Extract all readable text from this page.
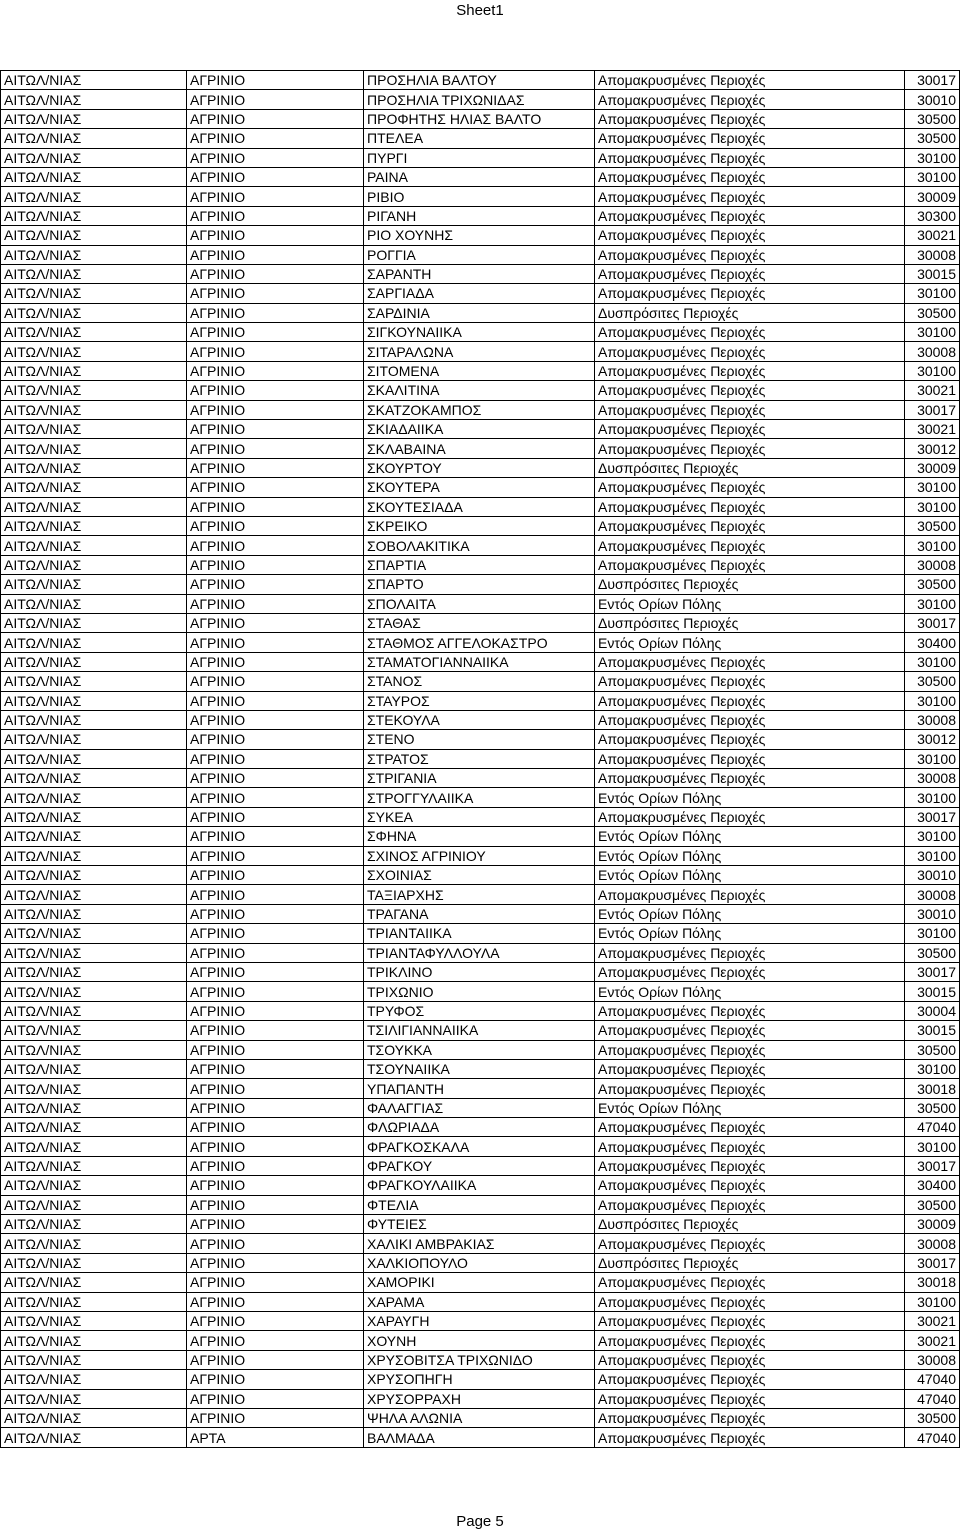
Sheet1
ΑΙΤΩΛ/ΝΙΑΣ	ΑΓΡΙΝΙΟ	ΠΡΟΣΗΛΙΑ ΒΑΛΤΟΥ	Απομακρυσμένες Περιοχές	30017
ΑΙΤΩΛ/ΝΙΑΣ	ΑΓΡΙΝΙΟ	ΠΡΟΣΗΛΙΑ ΤΡΙΧΩΝΙΔΑΣ	Απομακρυσμένες Περιοχές	30010
ΑΙΤΩΛ/ΝΙΑΣ	ΑΓΡΙΝΙΟ	ΠΡΟΦΗΤΗΣ ΗΛΙΑΣ ΒΑΛΤΟ	Απομακρυσμένες Περιοχές	30500
ΑΙΤΩΛ/ΝΙΑΣ	ΑΓΡΙΝΙΟ	ΠΤΕΛΕΑ	Απομακρυσμένες Περιοχές	30500
ΑΙΤΩΛ/ΝΙΑΣ	ΑΓΡΙΝΙΟ	ΠΥΡΓΙ	Απομακρυσμένες Περιοχές	30100
ΑΙΤΩΛ/ΝΙΑΣ	ΑΓΡΙΝΙΟ	ΡΑΙΝΑ	Απομακρυσμένες Περιοχές	30100
ΑΙΤΩΛ/ΝΙΑΣ	ΑΓΡΙΝΙΟ	ΡΙΒΙΟ	Απομακρυσμένες Περιοχές	30009
ΑΙΤΩΛ/ΝΙΑΣ	ΑΓΡΙΝΙΟ	ΡΙΓΑΝΗ	Απομακρυσμένες Περιοχές	30300
ΑΙΤΩΛ/ΝΙΑΣ	ΑΓΡΙΝΙΟ	ΡΙΟ ΧΟΥΝΗΣ	Απομακρυσμένες Περιοχές	30021
ΑΙΤΩΛ/ΝΙΑΣ	ΑΓΡΙΝΙΟ	ΡΟΓΓΙΑ	Απομακρυσμένες Περιοχές	30008
ΑΙΤΩΛ/ΝΙΑΣ	ΑΓΡΙΝΙΟ	ΣΑΡΑΝΤΗ	Απομακρυσμένες Περιοχές	30015
ΑΙΤΩΛ/ΝΙΑΣ	ΑΓΡΙΝΙΟ	ΣΑΡΓΙΑΔΑ	Απομακρυσμένες Περιοχές	30100
ΑΙΤΩΛ/ΝΙΑΣ	ΑΓΡΙΝΙΟ	ΣΑΡΔΙΝΙΑ	Δυσπρόσιτες Περιοχές	30500
ΑΙΤΩΛ/ΝΙΑΣ	ΑΓΡΙΝΙΟ	ΣΙΓΚΟΥΝΑΙΙΚΑ	Απομακρυσμένες Περιοχές	30100
ΑΙΤΩΛ/ΝΙΑΣ	ΑΓΡΙΝΙΟ	ΣΙΤΑΡΑΛΩΝΑ	Απομακρυσμένες Περιοχές	30008
ΑΙΤΩΛ/ΝΙΑΣ	ΑΓΡΙΝΙΟ	ΣΙΤΟΜΕΝΑ	Απομακρυσμένες Περιοχές	30100
ΑΙΤΩΛ/ΝΙΑΣ	ΑΓΡΙΝΙΟ	ΣΚΑΛΙΤΙΝΑ	Απομακρυσμένες Περιοχές	30021
ΑΙΤΩΛ/ΝΙΑΣ	ΑΓΡΙΝΙΟ	ΣΚΑΤΖΟΚΑΜΠΟΣ	Απομακρυσμένες Περιοχές	30017
ΑΙΤΩΛ/ΝΙΑΣ	ΑΓΡΙΝΙΟ	ΣΚΙΑΔΑΙΙΚΑ	Απομακρυσμένες Περιοχές	30021
ΑΙΤΩΛ/ΝΙΑΣ	ΑΓΡΙΝΙΟ	ΣΚΛΑΒΑΙΝΑ	Απομακρυσμένες Περιοχές	30012
ΑΙΤΩΛ/ΝΙΑΣ	ΑΓΡΙΝΙΟ	ΣΚΟΥΡΤΟΥ	Δυσπρόσιτες Περιοχές	30009
ΑΙΤΩΛ/ΝΙΑΣ	ΑΓΡΙΝΙΟ	ΣΚΟΥΤΕΡΑ	Απομακρυσμένες Περιοχές	30100
ΑΙΤΩΛ/ΝΙΑΣ	ΑΓΡΙΝΙΟ	ΣΚΟΥΤΕΣΙΑΔΑ	Απομακρυσμένες Περιοχές	30100
ΑΙΤΩΛ/ΝΙΑΣ	ΑΓΡΙΝΙΟ	ΣΚΡΕΙΚΟ	Απομακρυσμένες Περιοχές	30500
ΑΙΤΩΛ/ΝΙΑΣ	ΑΓΡΙΝΙΟ	ΣΟΒΟΛΑΚΙΤΙΚΑ	Απομακρυσμένες Περιοχές	30100
ΑΙΤΩΛ/ΝΙΑΣ	ΑΓΡΙΝΙΟ	ΣΠΑΡΤΙΑ	Απομακρυσμένες Περιοχές	30008
ΑΙΤΩΛ/ΝΙΑΣ	ΑΓΡΙΝΙΟ	ΣΠΑΡΤΟ	Δυσπρόσιτες Περιοχές	30500
ΑΙΤΩΛ/ΝΙΑΣ	ΑΓΡΙΝΙΟ	ΣΠΟΛΑΙΤΑ	Εντός Ορίων Πόλης	30100
ΑΙΤΩΛ/ΝΙΑΣ	ΑΓΡΙΝΙΟ	ΣΤΑΘΑΣ	Δυσπρόσιτες Περιοχές	30017
ΑΙΤΩΛ/ΝΙΑΣ	ΑΓΡΙΝΙΟ	ΣΤΑΘΜΟΣ ΑΓΓΕΛΟΚΑΣΤΡΟ	Εντός Ορίων Πόλης	30400
ΑΙΤΩΛ/ΝΙΑΣ	ΑΓΡΙΝΙΟ	ΣΤΑΜΑΤΟΓΙΑΝΝΑΙΙΚΑ	Απομακρυσμένες Περιοχές	30100
ΑΙΤΩΛ/ΝΙΑΣ	ΑΓΡΙΝΙΟ	ΣΤΑΝΟΣ	Απομακρυσμένες Περιοχές	30500
ΑΙΤΩΛ/ΝΙΑΣ	ΑΓΡΙΝΙΟ	ΣΤΑΥΡΟΣ	Απομακρυσμένες Περιοχές	30100
ΑΙΤΩΛ/ΝΙΑΣ	ΑΓΡΙΝΙΟ	ΣΤΕΚΟΥΛΑ	Απομακρυσμένες Περιοχές	30008
ΑΙΤΩΛ/ΝΙΑΣ	ΑΓΡΙΝΙΟ	ΣΤΕΝΟ	Απομακρυσμένες Περιοχές	30012
ΑΙΤΩΛ/ΝΙΑΣ	ΑΓΡΙΝΙΟ	ΣΤΡΑΤΟΣ	Απομακρυσμένες Περιοχές	30100
ΑΙΤΩΛ/ΝΙΑΣ	ΑΓΡΙΝΙΟ	ΣΤΡΙΓΑΝΙΑ	Απομακρυσμένες Περιοχές	30008
ΑΙΤΩΛ/ΝΙΑΣ	ΑΓΡΙΝΙΟ	ΣΤΡΟΓΓΥΛΑΙΙΚΑ	Εντός Ορίων Πόλης	30100
ΑΙΤΩΛ/ΝΙΑΣ	ΑΓΡΙΝΙΟ	ΣΥΚΕΑ	Απομακρυσμένες Περιοχές	30017
ΑΙΤΩΛ/ΝΙΑΣ	ΑΓΡΙΝΙΟ	ΣΦΗΝΑ	Εντός Ορίων Πόλης	30100
ΑΙΤΩΛ/ΝΙΑΣ	ΑΓΡΙΝΙΟ	ΣΧΙΝΟΣ ΑΓΡΙΝΙΟΥ	Εντός Ορίων Πόλης	30100
ΑΙΤΩΛ/ΝΙΑΣ	ΑΓΡΙΝΙΟ	ΣΧΟΙΝΙΑΣ	Εντός Ορίων Πόλης	30010
ΑΙΤΩΛ/ΝΙΑΣ	ΑΓΡΙΝΙΟ	ΤΑΞΙΑΡΧΗΣ	Απομακρυσμένες Περιοχές	30008
ΑΙΤΩΛ/ΝΙΑΣ	ΑΓΡΙΝΙΟ	ΤΡΑΓΑΝΑ	Εντός Ορίων Πόλης	30010
ΑΙΤΩΛ/ΝΙΑΣ	ΑΓΡΙΝΙΟ	ΤΡΙΑΝΤΑΙΙΚΑ	Εντός Ορίων Πόλης	30100
ΑΙΤΩΛ/ΝΙΑΣ	ΑΓΡΙΝΙΟ	ΤΡΙΑΝΤΑΦΥΛΛΟΥΛΑ	Απομακρυσμένες Περιοχές	30500
ΑΙΤΩΛ/ΝΙΑΣ	ΑΓΡΙΝΙΟ	ΤΡΙΚΛΙΝΟ	Απομακρυσμένες Περιοχές	30017
ΑΙΤΩΛ/ΝΙΑΣ	ΑΓΡΙΝΙΟ	ΤΡΙΧΩΝΙΟ	Εντός Ορίων Πόλης	30015
ΑΙΤΩΛ/ΝΙΑΣ	ΑΓΡΙΝΙΟ	ΤΡΥΦΟΣ	Απομακρυσμένες Περιοχές	30004
ΑΙΤΩΛ/ΝΙΑΣ	ΑΓΡΙΝΙΟ	ΤΣΙΛΙΓΙΑΝΝΑΙΙΚΑ	Απομακρυσμένες Περιοχές	30015
ΑΙΤΩΛ/ΝΙΑΣ	ΑΓΡΙΝΙΟ	ΤΣΟΥΚΚΑ	Απομακρυσμένες Περιοχές	30500
ΑΙΤΩΛ/ΝΙΑΣ	ΑΓΡΙΝΙΟ	ΤΣΟΥΝΑΙΙΚΑ	Απομακρυσμένες Περιοχές	30100
ΑΙΤΩΛ/ΝΙΑΣ	ΑΓΡΙΝΙΟ	ΥΠΑΠΑΝΤΗ	Απομακρυσμένες Περιοχές	30018
ΑΙΤΩΛ/ΝΙΑΣ	ΑΓΡΙΝΙΟ	ΦΑΛΑΓΓΙΑΣ	Εντός Ορίων Πόλης	30500
ΑΙΤΩΛ/ΝΙΑΣ	ΑΓΡΙΝΙΟ	ΦΛΩΡΙΑΔΑ	Απομακρυσμένες Περιοχές	47040
ΑΙΤΩΛ/ΝΙΑΣ	ΑΓΡΙΝΙΟ	ΦΡΑΓΚΟΣΚΑΛΑ	Απομακρυσμένες Περιοχές	30100
ΑΙΤΩΛ/ΝΙΑΣ	ΑΓΡΙΝΙΟ	ΦΡΑΓΚΟΥ	Απομακρυσμένες Περιοχές	30017
ΑΙΤΩΛ/ΝΙΑΣ	ΑΓΡΙΝΙΟ	ΦΡΑΓΚΟΥΛΑΙΙΚΑ	Απομακρυσμένες Περιοχές	30400
ΑΙΤΩΛ/ΝΙΑΣ	ΑΓΡΙΝΙΟ	ΦΤΕΛΙΑ	Απομακρυσμένες Περιοχές	30500
ΑΙΤΩΛ/ΝΙΑΣ	ΑΓΡΙΝΙΟ	ΦΥΤΕΙΕΣ	Δυσπρόσιτες Περιοχές	30009
ΑΙΤΩΛ/ΝΙΑΣ	ΑΓΡΙΝΙΟ	ΧΑΛΙΚΙ ΑΜΒΡΑΚΙΑΣ	Απομακρυσμένες Περιοχές	30008
ΑΙΤΩΛ/ΝΙΑΣ	ΑΓΡΙΝΙΟ	ΧΑΛΚΙΟΠΟΥΛΟ	Δυσπρόσιτες Περιοχές	30017
ΑΙΤΩΛ/ΝΙΑΣ	ΑΓΡΙΝΙΟ	ΧΑΜΟΡΙΚΙ	Απομακρυσμένες Περιοχές	30018
ΑΙΤΩΛ/ΝΙΑΣ	ΑΓΡΙΝΙΟ	ΧΑΡΑΜΑ	Απομακρυσμένες Περιοχές	30100
ΑΙΤΩΛ/ΝΙΑΣ	ΑΓΡΙΝΙΟ	ΧΑΡΑΥΓΗ	Απομακρυσμένες Περιοχές	30021
ΑΙΤΩΛ/ΝΙΑΣ	ΑΓΡΙΝΙΟ	ΧΟΥΝΗ	Απομακρυσμένες Περιοχές	30021
ΑΙΤΩΛ/ΝΙΑΣ	ΑΓΡΙΝΙΟ	ΧΡΥΣΟΒΙΤΣΑ ΤΡΙΧΩΝΙΔΟ	Απομακρυσμένες Περιοχές	30008
ΑΙΤΩΛ/ΝΙΑΣ	ΑΓΡΙΝΙΟ	ΧΡΥΣΟΠΗΓΗ	Απομακρυσμένες Περιοχές	47040
ΑΙΤΩΛ/ΝΙΑΣ	ΑΓΡΙΝΙΟ	ΧΡΥΣΟΡΡΑΧΗ	Απομακρυσμένες Περιοχές	47040
ΑΙΤΩΛ/ΝΙΑΣ	ΑΓΡΙΝΙΟ	ΨΗΛΑ ΑΛΩΝΙΑ	Απομακρυσμένες Περιοχές	30500
ΑΙΤΩΛ/ΝΙΑΣ	ΑΡΤΑ	ΒΑΛΜΑΔΑ	Απομακρυσμένες Περιοχές	47040
Page 5
